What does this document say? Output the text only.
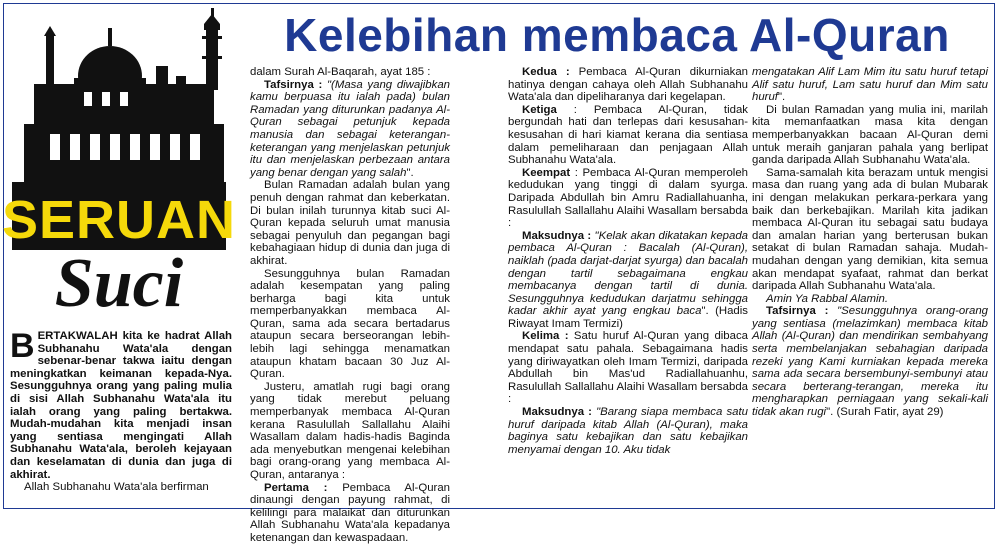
SERUAN
Suci
Kelebihan membaca Al-Quran

BERTAKWALAH kita ke hadrat Allah Subhanahu Wata'ala dengan sebenar-benar takwa iaitu dengan meningkatkan keimanan kepada-Nya. Sesungguhnya orang yang paling mulia di sisi Allah Subhanahu Wata'ala itu ialah orang yang paling bertakwa. Mudah-mudahan kita menjadi insan yang sentiasa mengingati Allah Subhanahu Wata'ala, beroleh kejayaan dan keselamatan di dunia dan juga di akhirat.

Allah Subhanahu Wata'ala berfirman

dalam Surah Al-Baqarah, ayat 185 :

Tafsirnya : "(Masa yang diwajibkan kamu berpuasa itu ialah pada) bulan Ramadan yang diturunkan padanya Al-Quran sebagai petunjuk kepada manusia dan sebagai keterangan-keterangan yang menjelaskan petunjuk itu dan menjelaskan perbezaan antara yang benar dengan yang salah".

Bulan Ramadan adalah bulan yang penuh dengan rahmat dan keberkatan. Di bulan inilah turunnya kitab suci Al-Quran kepada seluruh umat manusia sebagai penyuluh dan pegangan bagi kebahagiaan hidup di dunia dan juga di akhirat.

Sesungguhnya bulan Ramadan adalah kesempatan yang paling berharga bagi kita untuk memperbanyakkan membaca Al-Quran, sama ada secara bertadarus ataupun secara berseorangan lebih-lebih lagi sehingga menamatkan ataupun khatam bacaan 30 Juz Al-Quran.

Justeru, amatlah rugi bagi orang yang tidak merebut peluang memperbanyak membaca Al-Quran kerana Rasulullah Sallallahu Alaihi Wasallam dalam hadis-hadis Baginda ada menyebutkan mengenai kelebihan bagi orang-orang yang membaca Al-Quran, antaranya :

Pertama : Pembaca Al-Quran dinaungi dengan payung rahmat, di kelilingi para malaikat dan diturunkan Allah Subhanahu Wata'ala kepadanya ketenangan dan kewaspadaan.

Kedua : Pembaca Al-Quran dikurniakan hatinya dengan cahaya oleh Allah Subhanahu Wata'ala dan dipeliharanya dari kegelapan.

Ketiga : Pembaca Al-Quran, tidak bergundah hati dan terlepas dari kesusahan-kesusahan di hari kiamat kerana dia sentiasa dalam pemeliharaan dan penjagaan Allah Subhanahu Wata'ala.

Keempat : Pembaca Al-Quran memperoleh kedudukan yang tinggi di dalam syurga. Daripada Abdullah bin Amru Radiallahuanha, Rasulullah Sallallahu Alaihi Wasallam bersabda :

Maksudnya : "Kelak akan dikatakan kepada pembaca Al-Quran : Bacalah (Al-Quran), naiklah (pada darjat-darjat syurga) dan bacalah dengan tartil sebagaimana engkau membacanya dengan tartil di dunia. Sesungguhnya kedudukan darjatmu sehingga kadar akhir ayat yang engkau baca". (Hadis Riwayat Imam Termizi)

Kelima : Satu huruf Al-Quran yang dibaca mendapat satu pahala. Sebagaimana hadis yang diriwayatkan oleh Imam Termizi, daripada Abdullah bin Mas'ud Radiallahuanhu, Rasulullah Sallallahu Alaihi Wasallam bersabda :

Maksudnya : "Barang siapa membaca satu huruf daripada kitab Allah (Al-Quran), maka baginya satu kebajikan dan satu kebajikan menyamai dengan 10. Aku tidak

mengatakan Alif Lam Mim itu satu huruf tetapi Alif satu huruf, Lam satu huruf dan Mim satu huruf".

Di bulan Ramadan yang mulia ini, marilah kita memanfaatkan masa kita dengan memperbanyakkan bacaan Al-Quran demi untuk meraih ganjaran pahala yang berlipat ganda daripada Allah Subhanahu Wata'ala.

Sama-samalah kita berazam untuk mengisi masa dan ruang yang ada di bulan Mubarak ini dengan melakukan perkara-perkara yang baik dan berkebajikan. Marilah kita jadikan membaca Al-Quran itu sebagai satu budaya dan amalan harian yang berterusan bukan setakat di bulan Ramadan sahaja. Mudah-mudahan dengan yang demikian, kita semua akan mendapat syafaat, rahmat dan berkat daripada Allah Subhanahu Wata'ala.

Amin Ya Rabbal Alamin.

Tafsirnya : "Sesungguhnya orang-orang yang sentiasa (melazimkan) membaca kitab Allah (Al-Quran) dan mendirikan sembahyang serta membelanjakan sebahagian daripada rezeki yang Kami kurniakan kepada mereka sama ada secara bersembunyi-sembunyi atau secara berterang-terangan, mereka itu mengharapkan perniagaan yang sekali-kali tidak akan rugi". (Surah Fatir, ayat 29)
